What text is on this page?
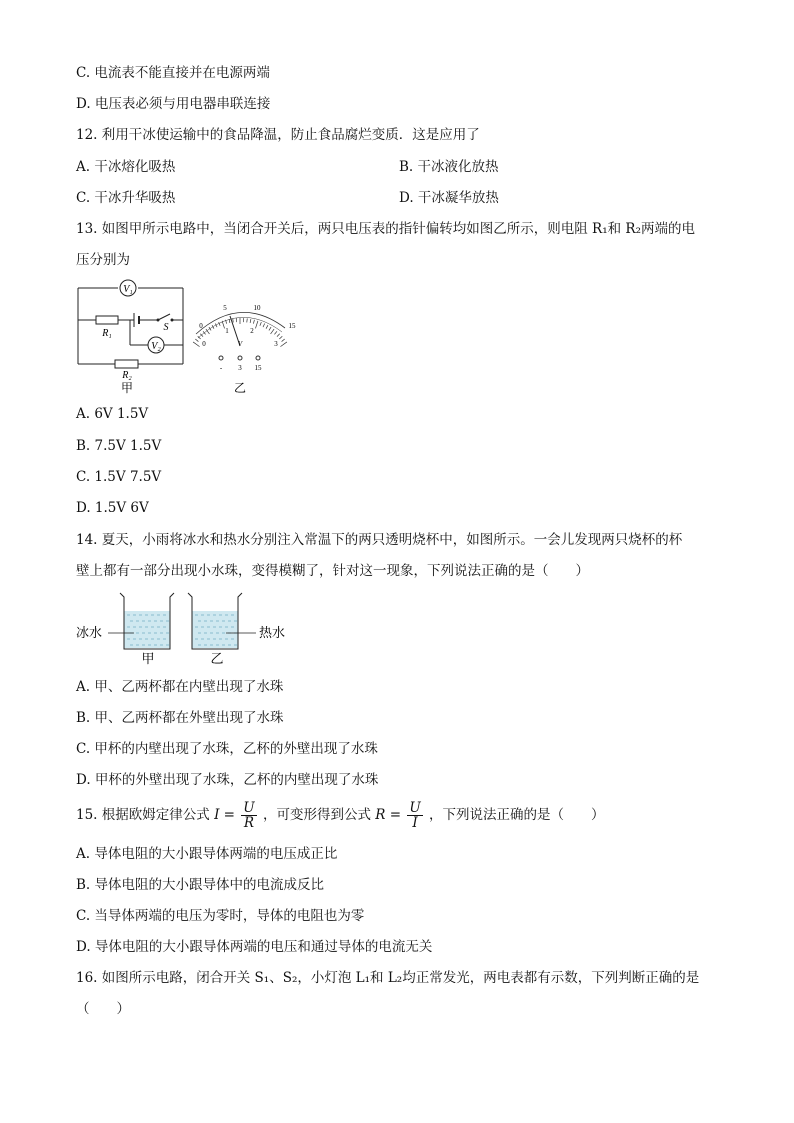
C. 电流表不能直接并在电源两端
D. 电压表必须与用电器串联连接
12. 利用干冰使运输中的食品降温，防止食品腐烂变质．这是应用了
A. 干冰熔化吸热	B. 干冰液化放热
C. 干冰升华吸热	D. 干冰凝华放热
13. 如图甲所示电路中，当闭合开关后，两只电压表的指针偏转均如图乙所示，则电阻 R₁和 R₂两端的电
压分别为
V₁
V₂
R₁
R₂
S
甲
0
5	10
15
0
1	2
3
V
- 3 15
乙
A. 6V 1.5V
B. 7.5V 1.5V
C. 1.5V 7.5V
D. 1.5V 6V
14. 夏天，小雨将冰水和热水分别注入常温下的两只透明烧杯中，如图所示。一会儿发现两只烧杯的杯
壁上都有一部分出现小水珠，变得模糊了，针对这一现象，下列说法正确的是（　　）
冰水	热水
甲	乙
A. 甲、乙两杯都在内壁出现了水珠
B. 甲、乙两杯都在外壁出现了水珠
C. 甲杯的内壁出现了水珠，乙杯的外壁出现了水珠
D. 甲杯的外壁出现了水珠，乙杯的内壁出现了水珠
15. 根据欧姆定律公式 $I = \frac{U}{R}$ ，可变形得到公式 $R = \frac{U}{I}$ ，下列说法正确的是（　　）
A. 导体电阻的大小跟导体两端的电压成正比
B. 导体电阻的大小跟导体中的电流成反比
C. 当导体两端的电压为零时，导体的电阻也为零
D. 导体电阻的大小跟导体两端的电压和通过导体的电流无关
16. 如图所示电路，闭合开关 S₁、S₂，小灯泡 L₁和 L₂均正常发光，两电表都有示数，下列判断正确的是
（　　）
